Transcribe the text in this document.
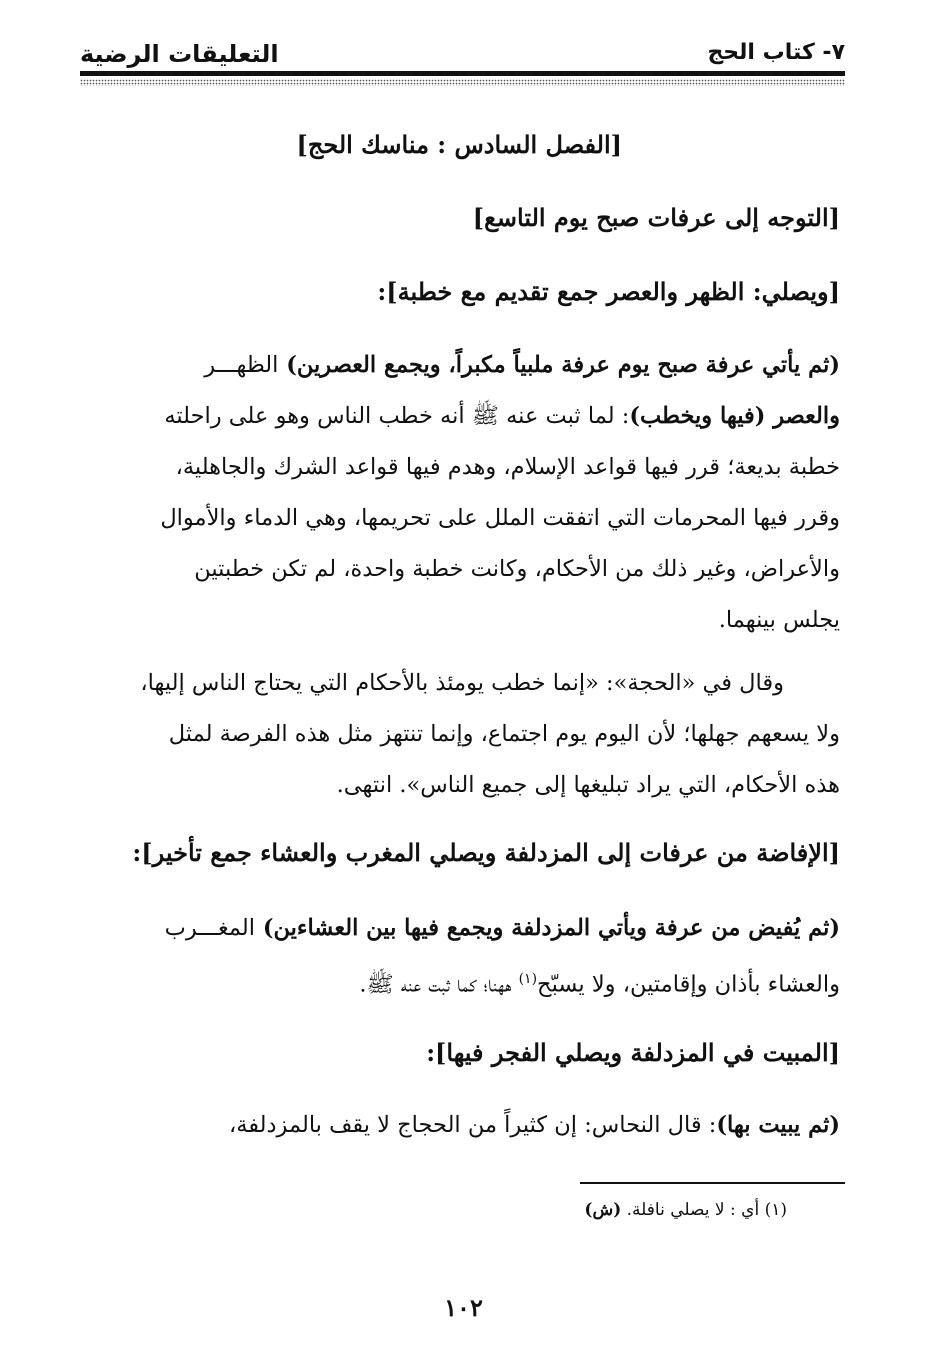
٧- كتاب الحج
التعليقات الرضية
[الفصل السادس : مناسك الحج]
[التوجه إلى عرفات صبح يوم التاسع]
[ويصلي: الظهر والعصر جمع تقديم مع خطبة]:
(ثم يأتي عرفة صبح يوم عرفة ملبياً مكبراً، ويجمع العصرين) الظهـــر
والعصر (فيها ويخطب): لما ثبت عنه ﷺ أنه خطب الناس وهو على راحلته
خطبة بديعة؛ قرر فيها قواعد الإسلام، وهدم فيها قواعد الشرك والجاهلية،
وقرر فيها المحرمات التي اتفقت الملل على تحريمها، وهي الدماء والأموال
والأعراض، وغير ذلك من الأحكام، وكانت خطبة واحدة، لم تكن خطبتين
يجلس بينهما.
وقال في «الحجة»: «إنما خطب يومئذ بالأحكام التي يحتاج الناس إليها،
ولا يسعهم جهلها؛ لأن اليوم يوم اجتماع، وإنما تنتهز مثل هذه الفرصة لمثل
هذه الأحكام، التي يراد تبليغها إلى جميع الناس». انتهى.
[الإفاضة من عرفات إلى المزدلفة ويصلي المغرب والعشاء جمع تأخير]:
(ثم يُفيض من عرفة ويأتي المزدلفة ويجمع فيها بين العشاءين) المغـــرب
والعشاء بأذان وإقامتين، ولا يسبّح$^{(١)}$ ههنا؛ كما ثبت عنه ﷺ.
[المبيت في المزدلفة ويصلي الفجر فيها]:
(ثم يبيت بها): قال النحاس: إن كثيراً من الحجاج لا يقف بالمزدلفة،
(١) أي : لا يصلي نافلة. (ش)
١٠٢
